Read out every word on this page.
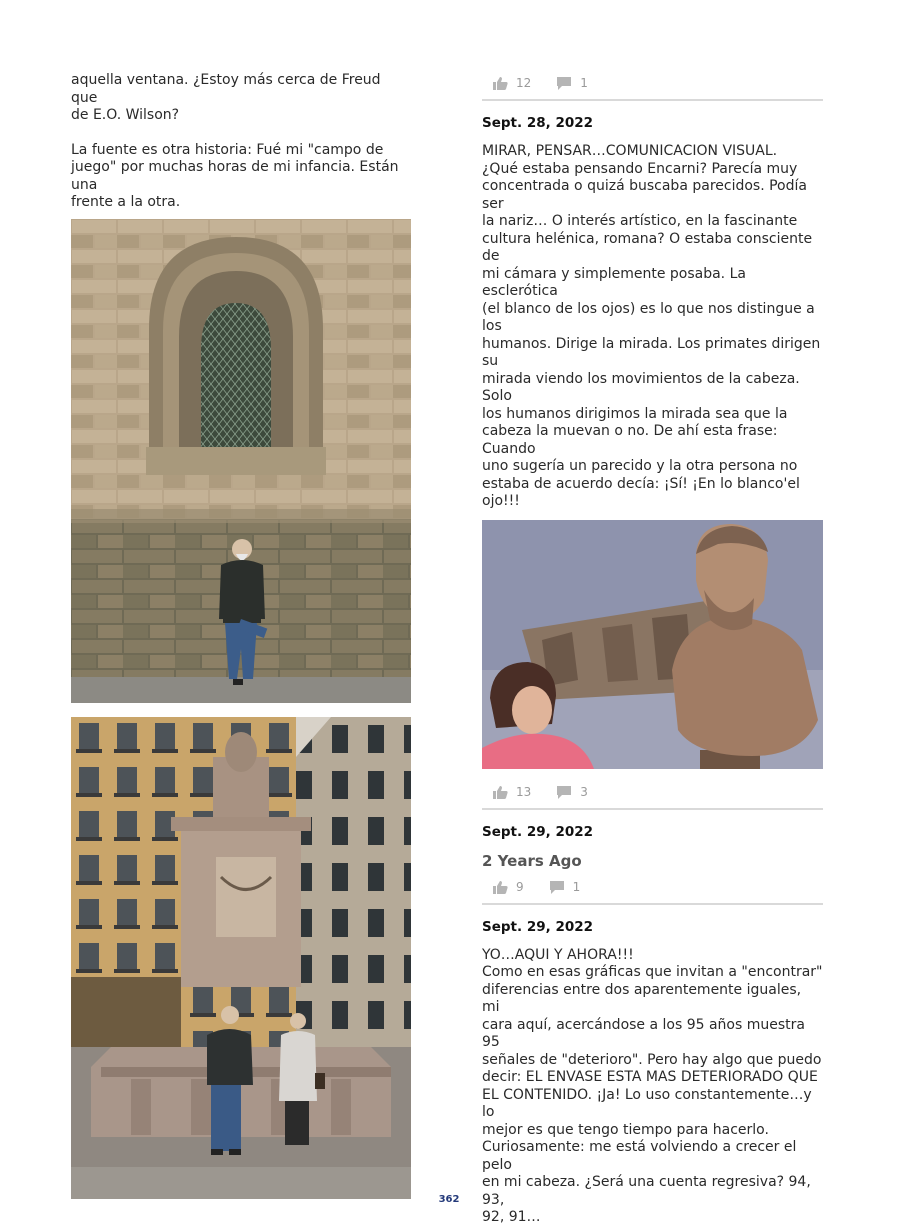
aquella ventana. ¿Estoy más cerca de Freud que
de E.O. Wilson?

La fuente es otra historia: Fué mi "campo de
juego" por muchas horas de mi infancia. Están una
frente a la otra.

12	1
Sept. 28, 2022

MIRAR, PENSAR…COMUNICACION VISUAL.
¿Qué estaba pensando Encarni? Parecía muy
concentrada o quizá buscaba parecidos. Podía ser
la nariz… O interés artístico, en la fascinante
cultura helénica, romana? O estaba consciente de
mi cámara y simplemente posaba. La esclerótica
(el blanco de los ojos) es lo que nos distingue a los
humanos. Dirige la mirada. Los primates dirigen su
mirada viendo los movimientos de la cabeza. Solo
los humanos dirigimos la mirada sea que la
cabeza la muevan o no. De ahí esta frase: Cuando
uno sugería un parecido y la otra persona no
estaba de acuerdo decía: ¡Sí! ¡En lo blanco'el ojo!!!

13	3
Sept. 29, 2022
2 Years Ago
9	1
Sept. 29, 2022

YO…AQUI Y AHORA!!!
Como en esas gráficas que invitan a "encontrar"
diferencias entre dos aparentemente iguales, mi
cara aquí, acercándose a los 95 años muestra 95
señales de "deterioro". Pero hay algo que puedo
decir: EL ENVASE ESTA MAS DETERIORADO QUE
EL CONTENIDO. ¡Ja! Lo uso constantemente…y lo
mejor es que tengo tiempo para hacerlo.
Curiosamente: me está volviendo a crecer el pelo
en mi cabeza. ¿Será una cuenta regresiva? 94, 93,
92, 91…

362
